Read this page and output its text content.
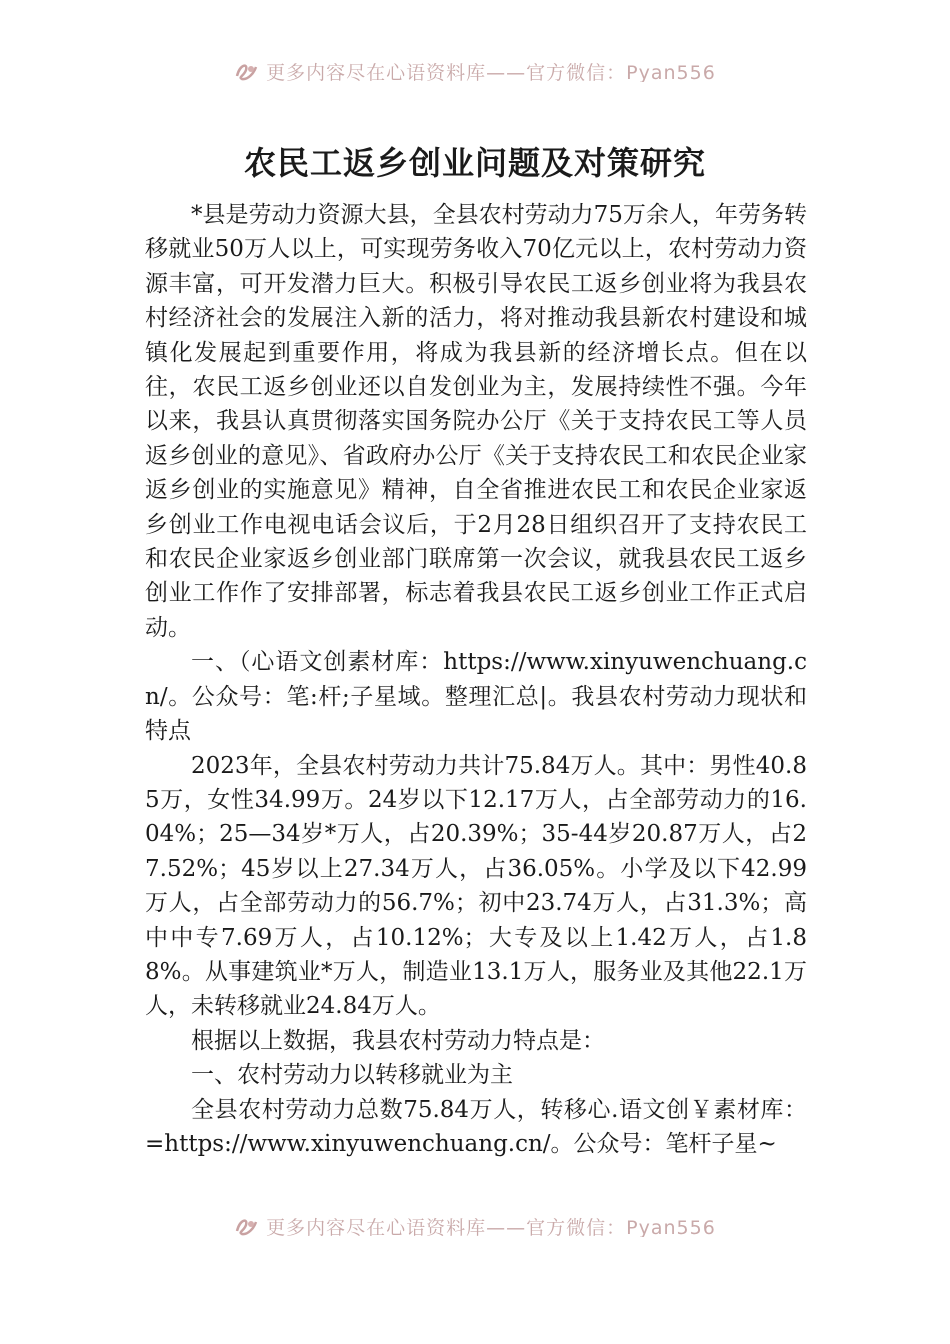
更多内容尽在心语资料库——官方微信：Pyan556
农民工返乡创业问题及对策研究

*县是劳动力资源大县，全县农村劳动力75万余人，年劳务转移就业50万人以上，可实现劳务收入70亿元以上，农村劳动力资源丰富，可开发潜力巨大。积极引导农民工返乡创业将为我县农村经济社会的发展注入新的活力，将对推动我县新农村建设和城镇化发展起到重要作用，将成为我县新的经济增长点。但在以往，农民工返乡创业还以自发创业为主，发展持续性不强。今年以来，我县认真贯彻落实国务院办公厅《关于支持农民工等人员返乡创业的意见》、省政府办公厅《关于支持农民工和农民企业家返乡创业的实施意见》精神，自全省推进农民工和农民企业家返乡创业工作电视电话会议后，于2月28日组织召开了支持农民工和农民企业家返乡创业部门联席第一次会议，就我县农民工返乡创业工作作了安排部署，标志着我县农民工返乡创业工作正式启动。

一、（心语文创素材库：https://www.xinyuwenchuang.cn/。公众号：笔:杆;子星域。整理汇总|。我县农村劳动力现状和特点

2023年，全县农村劳动力共计75.84万人。其中：男性40.85万，女性34.99万。24岁以下12.17万人，占全部劳动力的16.04%；25—34岁*万人，占20.39%；35-44岁20.87万人，占27.52%；45岁以上27.34万人，占36.05%。小学及以下42.99万人，占全部劳动力的56.7%；初中23.74万人，占31.3%；高中中专7.69万人，占10.12%；大专及以上1.42万人，占1.88%。从事建筑业*万人，制造业13.1万人，服务业及其他22.1万人，未转移就业24.84万人。

根据以上数据，我县农村劳动力特点是：

一、农村劳动力以转移就业为主

全县农村劳动力总数75.84万人，转移心.语文创￥素材库：=https://www.xinyuwenchuang.cn/。公众号：笔杆子星~

更多内容尽在心语资料库——官方微信：Pyan556
